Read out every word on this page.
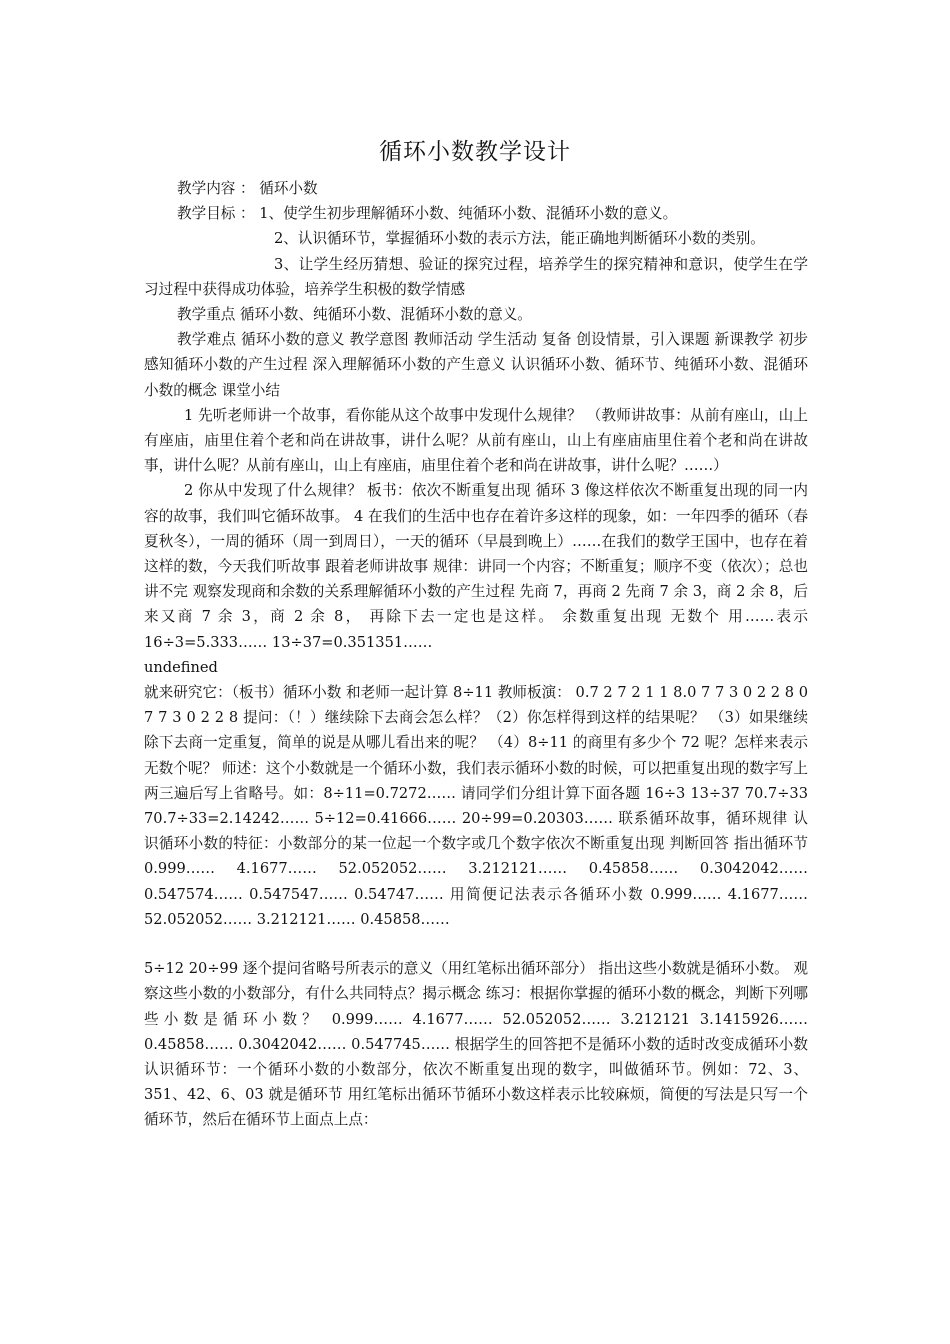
循环小数教学设计

教学内容 ： 循环小数

教学目标 ： 1、使学生初步理解循环小数、纯循环小数、混循环小数的意义。

2、认识循环节，掌握循环小数的表示方法，能正确地判断循环小数的类别。

3、让学生经历猜想、验证的探究过程，培养学生的探究精神和意识，使学生在学习过程中获得成功体验，培养学生积极的数学情感

教学重点 循环小数、纯循环小数、混循环小数的意义。

教学难点 循环小数的意义 教学意图 教师活动 学生活动 复备 创设情景，引入课题 新课教学 初步感知循环小数的产生过程 深入理解循环小数的产生意义 认识循环小数、循环节、纯循环小数、混循环小数的概念 课堂小结

1 先听老师讲一个故事，看你能从这个故事中发现什么规律？ （教师讲故事：从前有座山，山上有座庙，庙里住着个老和尚在讲故事，讲什么呢？从前有座山，山上有座庙庙里住着个老和尚在讲故事，讲什么呢？从前有座山，山上有座庙，庙里住着个老和尚在讲故事，讲什么呢？……）

2 你从中发现了什么规律？ 板书：依次不断重复出现 循环 3 像这样依次不断重复出现的同一内容的故事，我们叫它循环故事。 4 在我们的生活中也存在着许多这样的现象，如：一年四季的循环（春夏秋冬），一周的循环（周一到周日），一天的循环（早晨到晚上）……在我们的数学王国中，也存在着这样的数，今天我们听故事 跟着老师讲故事 规律：讲同一个内容；不断重复；顺序不变（依次）；总也讲不完 观察发现商和余数的关系理解循环小数的产生过程 先商 7，再商 2 先商 7 余 3，商 2 余 8，后来又商 7 余 3，商 2 余 8， 再除下去一定也是这样。 余数重复出现 无数个 用……表示 16÷3=5.333…… 13÷37=0.351351……

undefined

就来研究它：（板书）循环小数 和老师一起计算 8÷11 教师板演： 0.7 2 7 2 1 1 8.0 7 7 3 0 2 2 8 0 7 7 3 0 2 2 8 提问：（！）继续除下去商会怎么样？（2）你怎样得到这样的结果呢？ （3）如果继续除下去商一定重复，简单的说是从哪儿看出来的呢？ （4）8÷11 的商里有多少个 72 呢？怎样来表示无数个呢？ 师述：这个小数就是一个循环小数，我们表示循环小数的时候，可以把重复出现的数字写上两三遍后写上省略号。如：8÷11=0.7272…… 请同学们分组计算下面各题 16÷3 13÷37 70.7÷33 70.7÷33=2.14242…… 5÷12=0.41666…… 20÷99=0.20303…… 联系循环故事，循环规律 认识循环小数的特征：小数部分的某一位起一个数字或几个数字依次不断重复出现 判断回答 指出循环节 0.999…… 4.1677…… 52.052052…… 3.212121…… 0.45858…… 0.3042042…… 0.547574…… 0.547547…… 0.54747…… 用简便记法表示各循环小数 0.999…… 4.1677…… 52.052052…… 3.212121…… 0.45858……

5÷12 20÷99 逐个提问省略号所表示的意义（用红笔标出循环部分） 指出这些小数就是循环小数。 观察这些小数的小数部分，有什么共同特点？揭示概念 练习：根据你掌握的循环小数的概念，判断下列哪些小数是循环小数？ 0.999…… 4.1677…… 52.052052…… 3.212121 3.1415926…… 0.45858…… 0.3042042…… 0.547745…… 根据学生的回答把不是循环小数的适时改变成循环小数 认识循环节：一个循环小数的小数部分，依次不断重复出现的数字，叫做循环节。例如：72、3、351、42、6、03 就是循环节 用红笔标出循环节循环小数这样表示比较麻烦，简便的写法是只写一个循环节，然后在循环节上面点上点：
